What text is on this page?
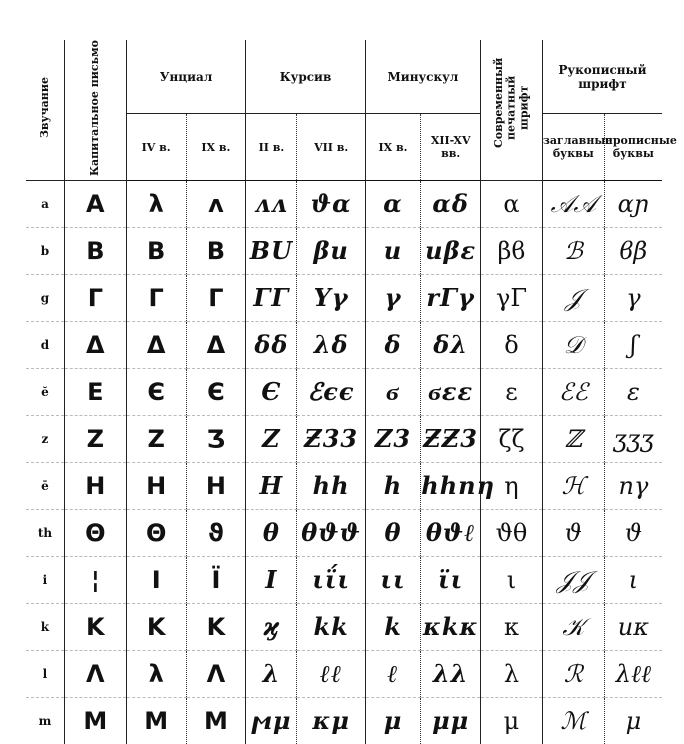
Звучание	Капитальное письмо	Унциал		Курсив		Минускул		Современный печатный шрифт	Рукописный шрифт	
		IV в.	IX в.	II в.	VII в.	IX в.	XII-XV вв.		заглавные буквы	прописные буквы
a	Α	λ	ᴧ	ᴧᴧ	ϑα	α	αδ	α	𝒜𝒜	αɲ
b	Β	Β	Β	ΒU	βu	u	uβε	βϐ	ℬ	ϐβ
g	Γ	Γ	Γ	ΓΓ	Υγ	γ	rΓγ	γΓ	𝒥	γ
d	Δ	Δ	Δ	δδ	λδ	δ	δλ	δ	𝒟	ʃ
ĕ	Ε	Є	Є	Є	ℰϵϵ	ϭ	ϭεε	ε	ℰℰ	ε
z	Ζ	Ζ	Ʒ	Ζ	Ƶ33	Ζ3	ƵƵ3	ζζ	ℤ	ʒʒʒ
ē	Η	Η	Η	Η	hh	h	hhnη	η	ℋ	nγ
th	Θ	Θ	ϑ	θ	θϑϑ	θ	θϑℓ	ϑθ	ϑ	ϑ
i	¦	I	Ï	I	ιΐι	ιι	ϊι	ι	𝒥𝒥	ι
k	Κ	Κ	Κ	ϗ	kk	k	κkκ	κ	𝒦	uκ
l	Λ	λ	Λ	λ	ℓℓ	ℓ	λλ	λ	ℛ	λℓℓ
m	Μ	Μ	Μ	ϻμ	κμ	μ	μμ	μ	ℳ	μ
